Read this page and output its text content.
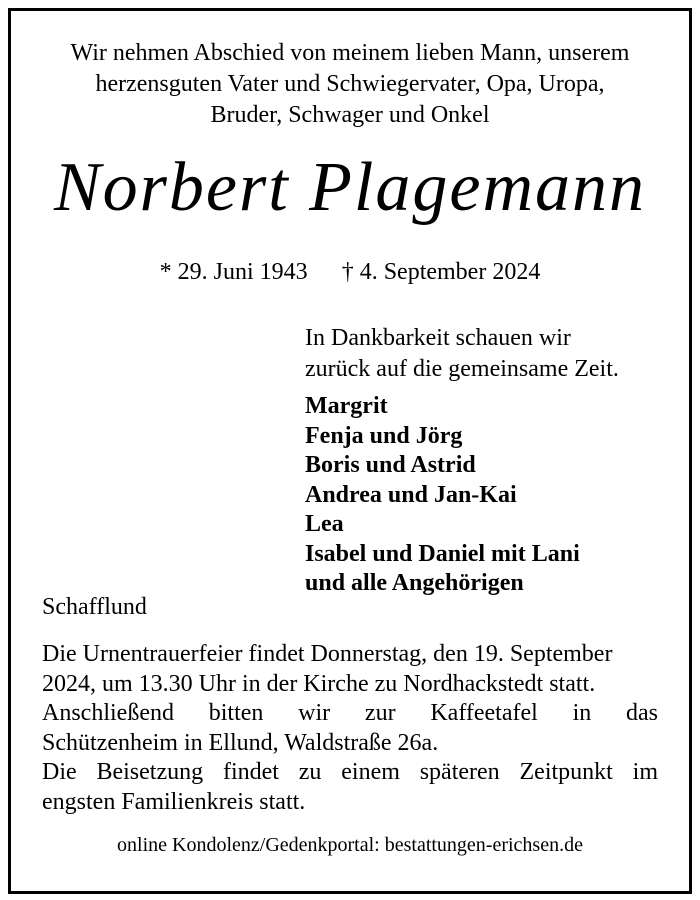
Wir nehmen Abschied von meinem lieben Mann, unserem
herzensguten Vater und Schwiegervater, Opa, Uropa,
Bruder, Schwager und Onkel
Norbert Plagemann
* 29. Juni 1943 † 4. September 2024
In Dankbarkeit schauen wir
zurück auf die gemeinsame Zeit.
Margrit
Fenja und Jörg
Boris und Astrid
Andrea und Jan-Kai
Lea
Isabel und Daniel mit Lani
und alle Angehörigen
Schafflund
Die Urnentrauerfeier findet Donnerstag, den 19. September
2024, um 13.30 Uhr in der Kirche zu Nordhackstedt statt.
Anschließend bitten wir zur Kaffeetafel in das
Schützenheim in Ellund, Waldstraße 26a.
Die Beisetzung findet zu einem späteren Zeitpunkt im
engsten Familienkreis statt.
online Kondolenz/Gedenkportal: bestattungen-erichsen.de
